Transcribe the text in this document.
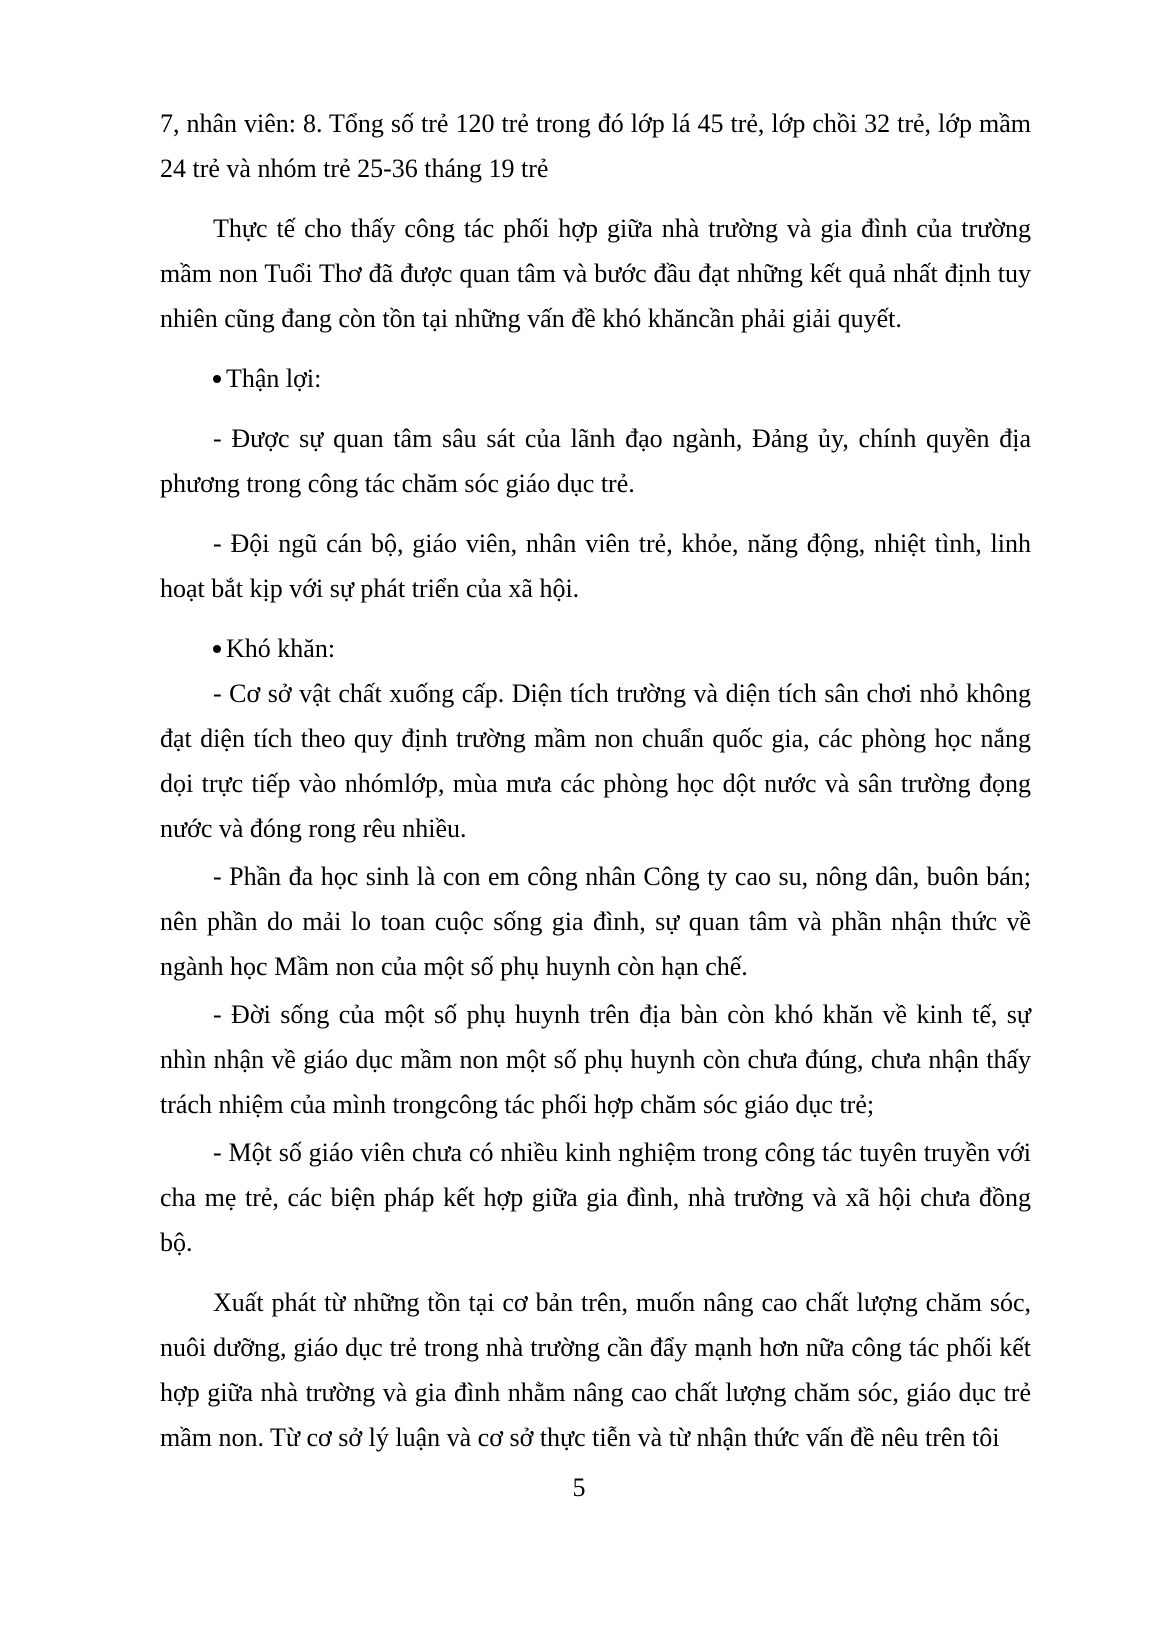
7, nhân viên: 8. Tổng số trẻ 120 trẻ trong đó lớp lá 45 trẻ, lớp chồi 32 trẻ, lớp mầm 24 trẻ và nhóm trẻ 25-36 tháng 19 trẻ

Thực tế cho thấy công tác phối hợp giữa nhà trường và gia đình của trường mầm non Tuổi Thơ đã được quan tâm và bước đầu đạt những kết quả nhất định tuy nhiên cũng đang còn tồn tại những vấn đề khó khăncần phải giải quyết.

Thận lợi:

- Được sự quan tâm sâu sát của lãnh đạo ngành, Đảng ủy, chính quyền địa phương trong công tác chăm sóc giáo dục trẻ.

- Đội ngũ cán bộ, giáo viên, nhân viên trẻ, khỏe, năng động, nhiệt tình, linh hoạt bắt kịp với sự phát triển của xã hội.

Khó khăn:

- Cơ sở vật chất xuống cấp. Diện tích trường và diện tích sân chơi nhỏ không đạt diện tích theo quy định trường mầm non chuẩn quốc gia, các phòng học nắng dọi trực tiếp vào nhómlớp, mùa mưa các phòng học dột nước và sân trường đọng nước và đóng rong rêu nhiều.

- Phần đa học sinh là con em công nhân Công ty cao su, nông dân, buôn bán; nên phần do mải lo toan cuộc sống gia đình, sự quan tâm và phần nhận thức về ngành học Mầm non của một số phụ huynh còn hạn chế.

- Đời sống của một số phụ huynh trên địa bàn còn khó khăn về kinh tế, sự nhìn nhận về giáo dục mầm non một số phụ huynh còn chưa đúng, chưa nhận thấy trách nhiệm của mình trongcông tác phối hợp chăm sóc giáo dục trẻ;

- Một số giáo viên chưa có nhiều kinh nghiệm trong công tác tuyên truyền với cha mẹ trẻ, các biện pháp kết hợp giữa gia đình, nhà trường và xã hội chưa đồng bộ.

Xuất phát từ những tồn tại cơ bản trên, muốn nâng cao chất lượng chăm sóc, nuôi dưỡng, giáo dục trẻ trong nhà trường cần đẩy mạnh hơn nữa công tác phối kết hợp giữa nhà trường và gia đình nhằm nâng cao chất lượng chăm sóc, giáo dục trẻ mầm non. Từ cơ sở lý luận và cơ sở thực tiễn và từ nhận thức vấn đề nêu trên tôi

5
